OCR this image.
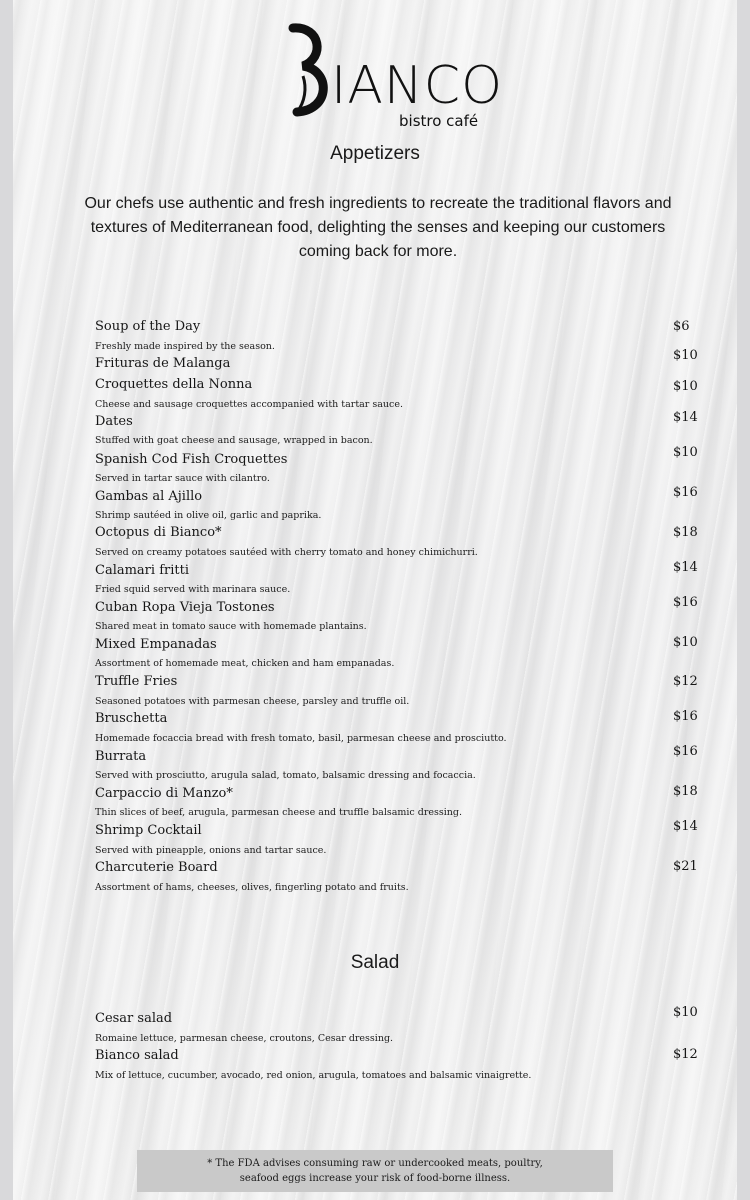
IANCO
bistro café
Appetizers
Our chefs use authentic and fresh ingredients to recreate the traditional flavors and textures of Mediterranean food, delighting the senses and keeping our customers coming back for more.
Soup of the Day
Freshly made inspired by the season.
$6
Frituras de Malanga
$10
Croquettes della Nonna
Cheese and sausage croquettes accompanied with tartar sauce.
$10
Dates
Stuffed with goat cheese and sausage, wrapped in bacon.
$14
Spanish Cod Fish Croquettes
Served in tartar sauce with cilantro.
$10
Gambas al Ajillo
Shrimp sautéed in olive oil, garlic and paprika.
$16
Octopus di Bianco*
Served on creamy potatoes sautéed with cherry tomato and honey chimichurri.
$18
Calamari fritti
Fried squid served with marinara sauce.
$14
Cuban Ropa Vieja Tostones
Shared meat in tomato sauce with homemade plantains.
$16
Mixed Empanadas
Assortment of homemade meat, chicken and ham empanadas.
$10
Truffle Fries
Seasoned potatoes with parmesan cheese, parsley and truffle oil.
$12
Bruschetta
Homemade focaccia bread with fresh tomato, basil, parmesan cheese and prosciutto.
$16
Burrata
Served with prosciutto, arugula salad, tomato, balsamic dressing and focaccia.
$16
Carpaccio di Manzo*
Thin slices of beef, arugula, parmesan cheese and truffle balsamic dressing.
$18
Shrimp Cocktail
Served with pineapple, onions and tartar sauce.
$14
Charcuterie Board
Assortment of hams, cheeses, olives, fingerling potato and fruits.
$21
Salad
Cesar salad
Romaine lettuce, parmesan cheese, croutons, Cesar dressing.
$10
Bianco salad
Mix of lettuce, cucumber, avocado, red onion, arugula, tomatoes and balsamic vinaigrette.
$12
* The FDA advises consuming raw or undercooked meats, poultry,
seafood eggs increase your risk of food-borne illness.
